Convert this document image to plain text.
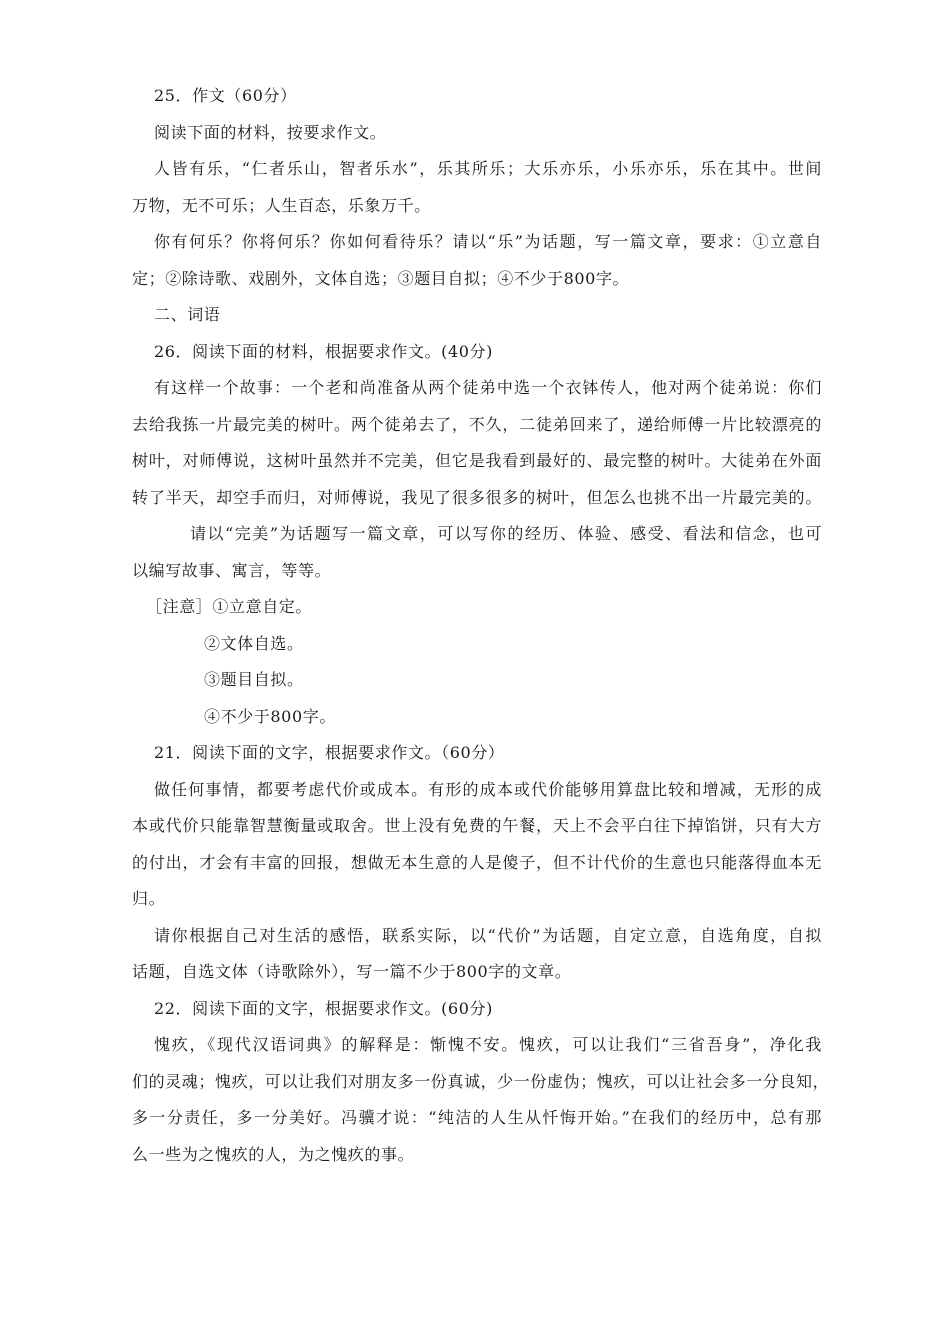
25．作文（60分）
阅读下面的材料，按要求作文。
人皆有乐，“仁者乐山，智者乐水”，乐其所乐；大乐亦乐，小乐亦乐，乐在其中。世间
万物，无不可乐；人生百态，乐象万千。
你有何乐？你将何乐？你如何看待乐？请以“乐”为话题，写一篇文章，要求：①立意自
定；②除诗歌、戏剧外，文体自选；③题目自拟；④不少于800字。
二、词语
26．阅读下面的材料，根据要求作文。(40分)
有这样一个故事：一个老和尚准备从两个徒弟中选一个衣钵传人，他对两个徒弟说：你们
去给我拣一片最完美的树叶。两个徒弟去了，不久，二徒弟回来了，递给师傅一片比较漂亮的
树叶，对师傅说，这树叶虽然并不完美，但它是我看到最好的、最完整的树叶。大徒弟在外面
转了半天，却空手而归，对师傅说，我见了很多很多的树叶，但怎么也挑不出一片最完美的。
请以“完美”为话题写一篇文章，可以写你的经历、体验、感受、看法和信念，也可
以编写故事、寓言，等等。
［注意］①立意自定。
②文体自选。
③题目自拟。
④不少于800字。
21．阅读下面的文字，根据要求作文。（60分）
做任何事情，都要考虑代价或成本。有形的成本或代价能够用算盘比较和增减，无形的成
本或代价只能靠智慧衡量或取舍。世上没有免费的午餐，天上不会平白往下掉馅饼，只有大方
的付出，才会有丰富的回报，想做无本生意的人是傻子，但不计代价的生意也只能落得血本无
归。
请你根据自己对生活的感悟，联系实际，以“代价”为话题，自定立意，自选角度，自拟
话题，自选文体（诗歌除外），写一篇不少于800字的文章。
22．阅读下面的文字，根据要求作文。(60分)
愧疚，《现代汉语词典》的解释是：惭愧不安。愧疚，可以让我们“三省吾身”，净化我
们的灵魂；愧疚，可以让我们对朋友多一份真诚，少一份虚伪；愧疚，可以让社会多一分良知，
多一分责任，多一分美好。冯骥才说：“纯洁的人生从忏悔开始。”在我们的经历中，总有那
么一些为之愧疚的人，为之愧疚的事。
